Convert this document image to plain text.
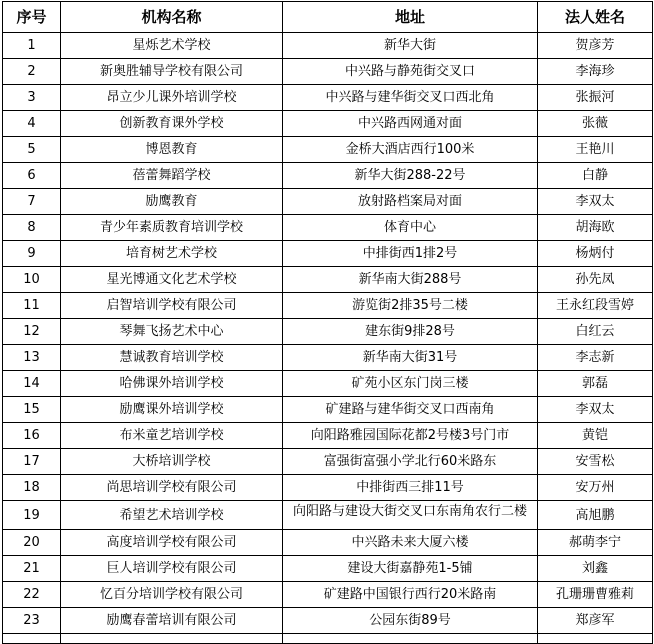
序号	机构名称	地址	法人姓名
1	星烁艺术学校	新华大街	贺彦芳
2	新奥胜辅导学校有限公司	中兴路与静苑街交叉口	李海珍
3	昂立少儿课外培训学校	中兴路与建华街交叉口西北角	张振河
4	创新教育课外学校	中兴路西网通对面	张薇
5	博恩教育	金桥大酒店西行100米	王艳川
6	蓓蕾舞蹈学校	新华大街288-22号	白静
7	励鹰教育	放射路档案局对面	李双太
8	青少年素质教育培训学校	体育中心	胡海欧
9	培育树艺术学校	中排街西1排2号	杨炳付
10	星光博通文化艺术学校	新华南大街288号	孙先凤
11	启智培训学校有限公司	游览街2排35号二楼	王永红段雪婷
12	琴舞飞扬艺术中心	建东街9排28号	白红云
13	慧诚教育培训学校	新华南大街31号	李志新
14	哈佛课外培训学校	矿苑小区东门岗三楼	郭磊
15	励鹰课外培训学校	矿建路与建华街交叉口西南角	李双太
16	布米童艺培训学校	向阳路雅园国际花都2号楼3号门市	黄铠
17	大桥培训学校	富强街富强小学北行60米路东	安雪松
18	尚思培训学校有限公司	中排街西三排11号	安万州
19	希望艺术培训学校	向阳路与建设大街交叉口东南角农行二楼	高旭鹏
20	高度培训学校有限公司	中兴路未来大厦六楼	郝萌李宁
21	巨人培训学校有限公司	建设大街嘉静苑1-5铺	刘鑫
22	忆百分培训学校有限公司	矿建路中国银行西行20米路南	孔珊珊曹雅莉
23	励鹰春蕾培训有限公司	公园东街89号	郑彦军
